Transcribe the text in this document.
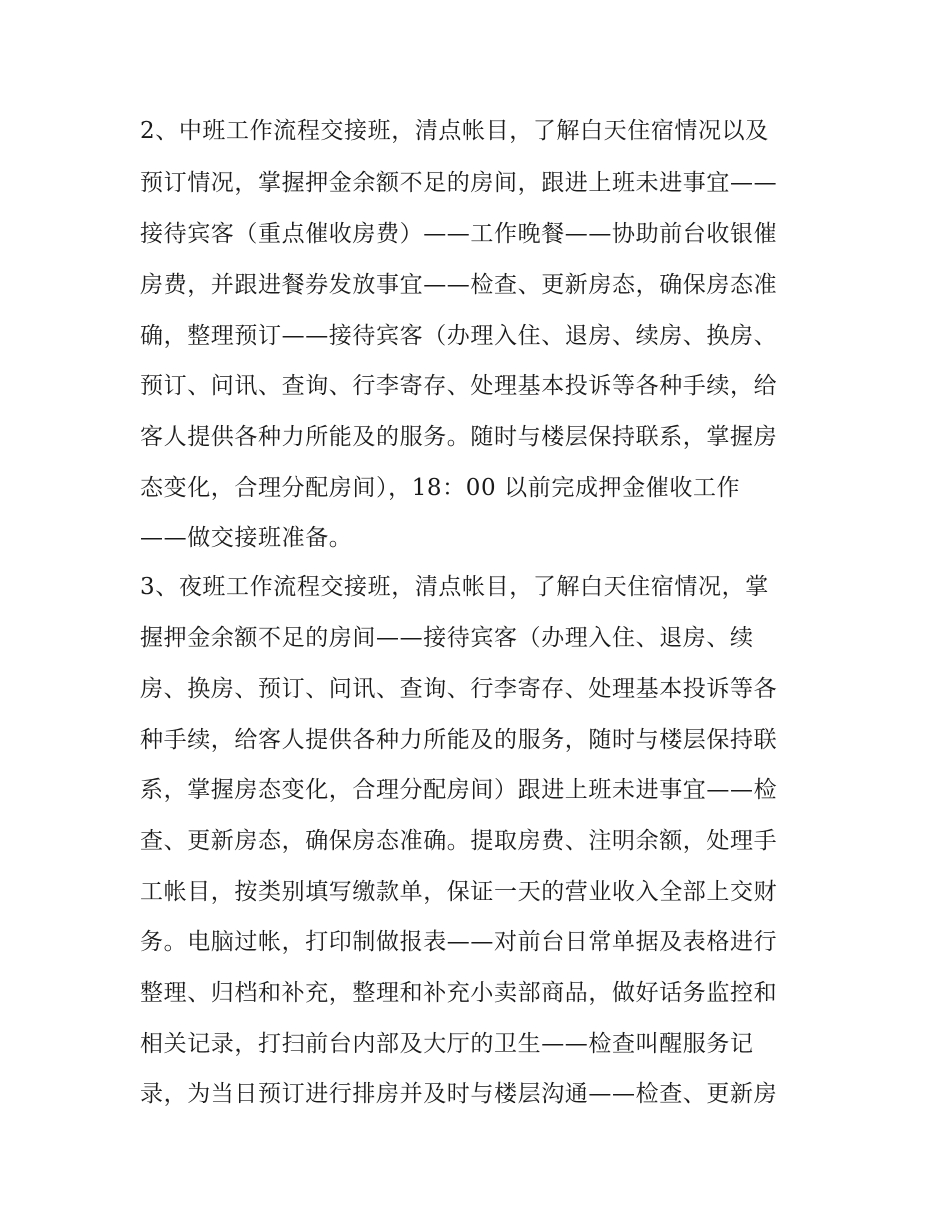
2、中班工作流程交接班，清点帐目，了解白天住宿情况以及
预订情况，掌握押金余额不足的房间，跟进上班未进事宜——
接待宾客（重点催收房费）——工作晚餐——协助前台收银催
房费，并跟进餐券发放事宜——检查、更新房态，确保房态准
确，整理预订——接待宾客（办理入住、退房、续房、换房、
预订、问讯、查询、行李寄存、处理基本投诉等各种手续，给
客人提供各种力所能及的服务。随时与楼层保持联系，掌握房
态变化，合理分配房间），18：00 以前完成押金催收工作
——做交接班准备。
3、夜班工作流程交接班，清点帐目，了解白天住宿情况，掌
握押金余额不足的房间——接待宾客（办理入住、退房、续
房、换房、预订、问讯、查询、行李寄存、处理基本投诉等各
种手续，给客人提供各种力所能及的服务，随时与楼层保持联
系，掌握房态变化，合理分配房间）跟进上班未进事宜——检
查、更新房态，确保房态准确。提取房费、注明余额，处理手
工帐目，按类别填写缴款单，保证一天的营业收入全部上交财
务。电脑过帐，打印制做报表——对前台日常单据及表格进行
整理、归档和补充，整理和补充小卖部商品，做好话务监控和
相关记录，打扫前台内部及大厅的卫生——检查叫醒服务记
录，为当日预订进行排房并及时与楼层沟通——检查、更新房
